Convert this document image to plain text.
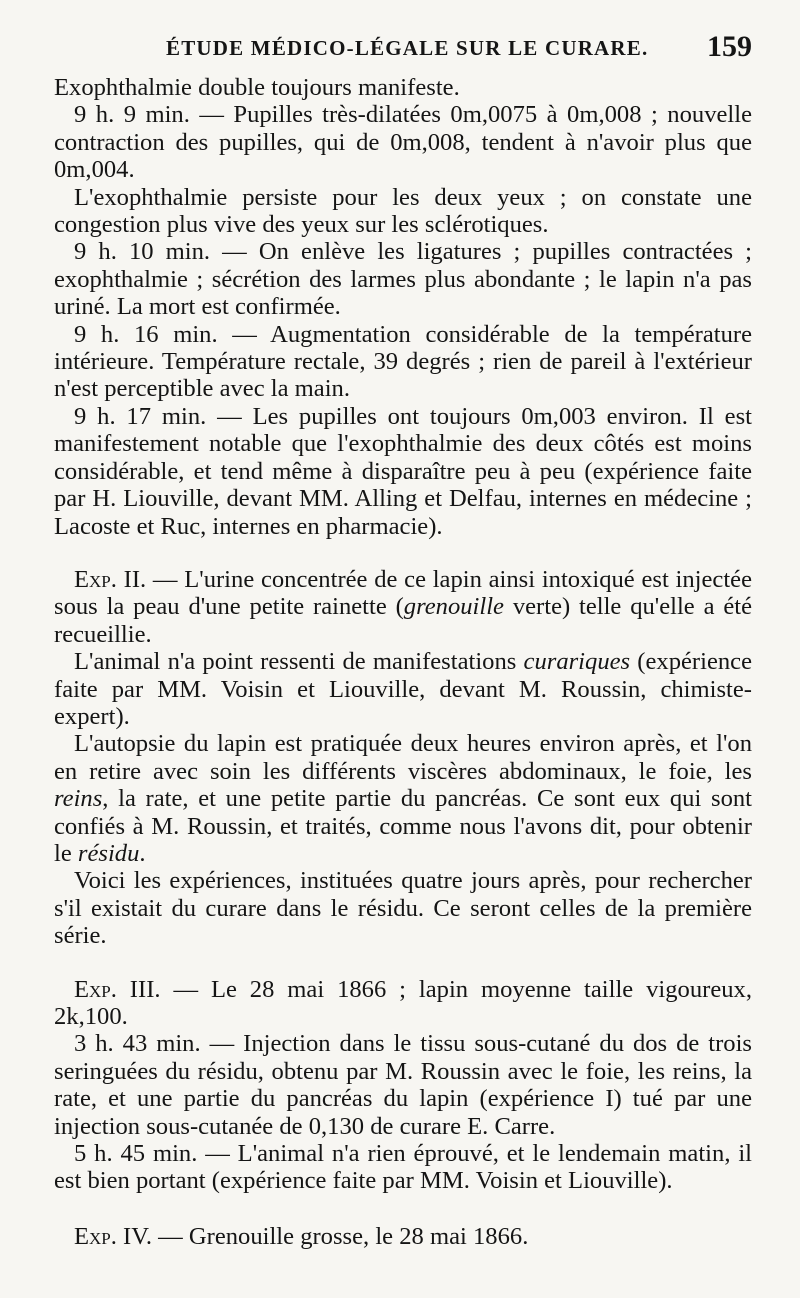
ÉTUDE MÉDICO-LÉGALE SUR LE CURARE. 159

Exophthalmie double toujours manifeste.

9 h. 9 min. — Pupilles très-dilatées 0m,0075 à 0m,008 ; nouvelle contraction des pupilles, qui de 0m,008, tendent à n'avoir plus que 0m,004.

L'exophthalmie persiste pour les deux yeux ; on constate une congestion plus vive des yeux sur les sclérotiques.

9 h. 10 min. — On enlève les ligatures ; pupilles contractées ; exophthalmie ; sécrétion des larmes plus abondante ; le lapin n'a pas uriné. La mort est confirmée.

9 h. 16 min. — Augmentation considérable de la température intérieure. Température rectale, 39 degrés ; rien de pareil à l'extérieur n'est perceptible avec la main.

9 h. 17 min. — Les pupilles ont toujours 0m,003 environ. Il est manifestement notable que l'exophthalmie des deux côtés est moins considérable, et tend même à disparaître peu à peu (expérience faite par H. Liouville, devant MM. Alling et Delfau, internes en médecine ; Lacoste et Ruc, internes en pharmacie).

Exp. II. — L'urine concentrée de ce lapin ainsi intoxiqué est injectée sous la peau d'une petite rainette (grenouille verte) telle qu'elle a été recueillie.

L'animal n'a point ressenti de manifestations curariques (expérience faite par MM. Voisin et Liouville, devant M. Roussin, chimiste-expert).

L'autopsie du lapin est pratiquée deux heures environ après, et l'on en retire avec soin les différents viscères abdominaux, le foie, les reins, la rate, et une petite partie du pancréas. Ce sont eux qui sont confiés à M. Roussin, et traités, comme nous l'avons dit, pour obtenir le résidu.

Voici les expériences, instituées quatre jours après, pour rechercher s'il existait du curare dans le résidu. Ce seront celles de la première série.

Exp. III. — Le 28 mai 1866 ; lapin moyenne taille vigoureux, 2k,100.

3 h. 43 min. — Injection dans le tissu sous-cutané du dos de trois seringuées du résidu, obtenu par M. Roussin avec le foie, les reins, la rate, et une partie du pancréas du lapin (expérience I) tué par une injection sous-cutanée de 0,130 de curare E. Carre.

5 h. 45 min. — L'animal n'a rien éprouvé, et le lendemain matin, il est bien portant (expérience faite par MM. Voisin et Liouville).

Exp. IV. — Grenouille grosse, le 28 mai 1866.
